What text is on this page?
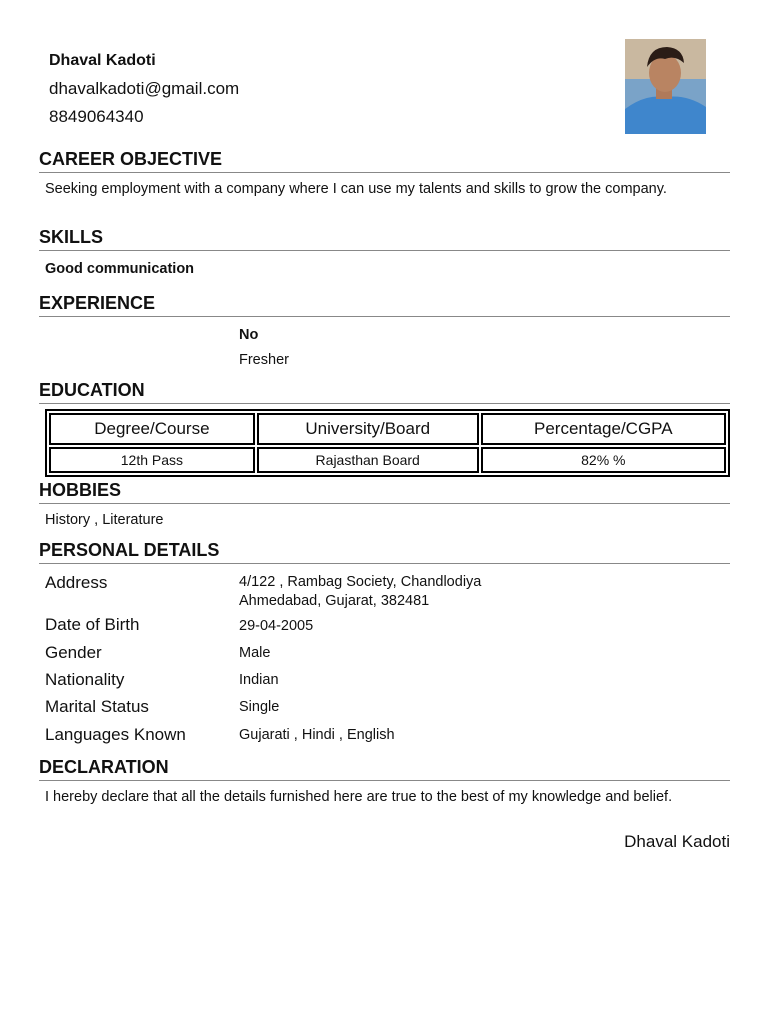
Dhaval Kadoti
dhavalkadoti@gmail.com
8849064340
CAREER OBJECTIVE
Seeking employment with a company where I can use my talents and skills to grow the company.
SKILLS
Good communication
EXPERIENCE
No
Fresher
EDUCATION
Degree/Course	University/Board	Percentage/CGPA
12th Pass	Rajasthan Board	82% %
HOBBIES
History , Literature
PERSONAL DETAILS
Address	4/122 , Rambag Society, Chandlodiya
Ahmedabad, Gujarat, 382481
Date of Birth	29-04-2005
Gender	Male
Nationality	Indian
Marital Status	Single
Languages Known	Gujarati , Hindi , English
DECLARATION
I hereby declare that all the details furnished here are true to the best of my knowledge and belief.
Dhaval Kadoti
